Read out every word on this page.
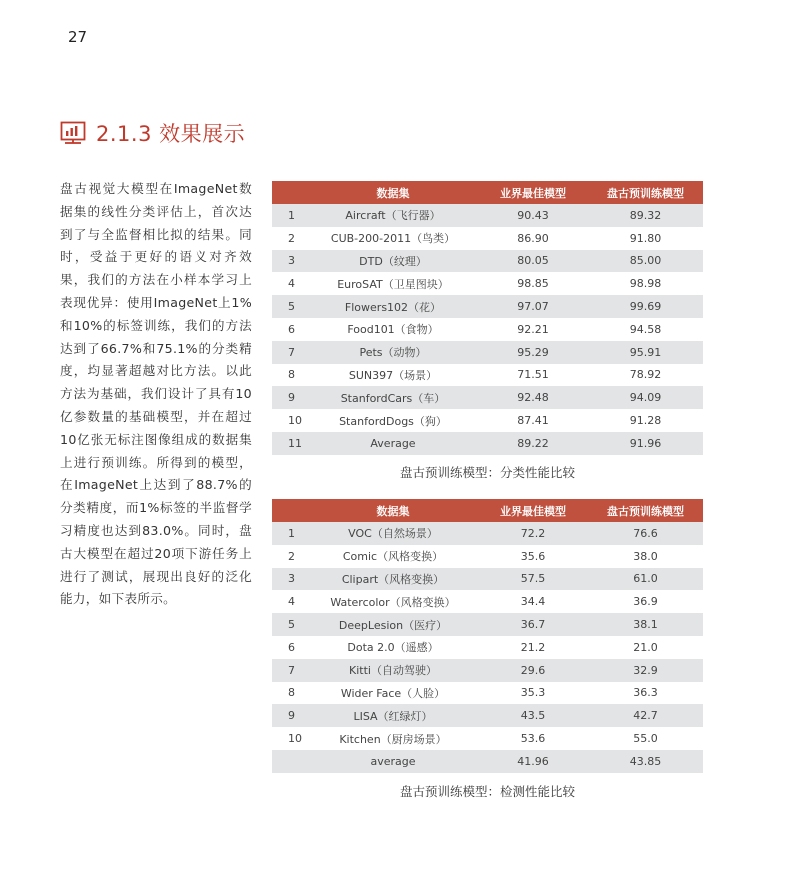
27
2.1.3 效果展示
盘古视觉大模型在ImageNet数据集的线性分类评估上，首次达到了与全监督相比拟的结果。同时，受益于更好的语义对齐效果，我们的方法在小样本学习上表现优异：使用ImageNet上1%和10%的标签训练，我们的方法达到了66.7%和75.1%的分类精度，均显著超越对比方法。以此方法为基础，我们设计了具有10亿参数量的基础模型，并在超过10亿张无标注图像组成的数据集上进行预训练。所得到的模型，在ImageNet上达到了88.7%的分类精度，而1%标签的半监督学习精度也达到83.0%。同时，盘古大模型在超过20项下游任务上进行了测试，展现出良好的泛化能力，如下表所示。
	数据集	业界最佳模型	盘古预训练模型
1	Aircraft（飞行器）	90.43	89.32
2	CUB-200-2011（鸟类）	86.90	91.80
3	DTD（纹理）	80.05	85.00
4	EuroSAT（卫星图块）	98.85	98.98
5	Flowers102（花）	97.07	99.69
6	Food101（食物）	92.21	94.58
7	Pets（动物）	95.29	95.91
8	SUN397（场景）	71.51	78.92
9	StanfordCars（车）	92.48	94.09
10	StanfordDogs（狗）	87.41	91.28
11	Average	89.22	91.96
盘古预训练模型：分类性能比较
	数据集	业界最佳模型	盘古预训练模型
1	VOC（自然场景）	72.2	76.6
2	Comic（风格变换）	35.6	38.0
3	Clipart（风格变换）	57.5	61.0
4	Watercolor（风格变换）	34.4	36.9
5	DeepLesion（医疗）	36.7	38.1
6	Dota 2.0（遥感）	21.2	21.0
7	Kitti（自动驾驶）	29.6	32.9
8	Wider Face（人脸）	35.3	36.3
9	LISA（红绿灯）	43.5	42.7
10	Kitchen（厨房场景）	53.6	55.0
	average	41.96	43.85
盘古预训练模型：检测性能比较
